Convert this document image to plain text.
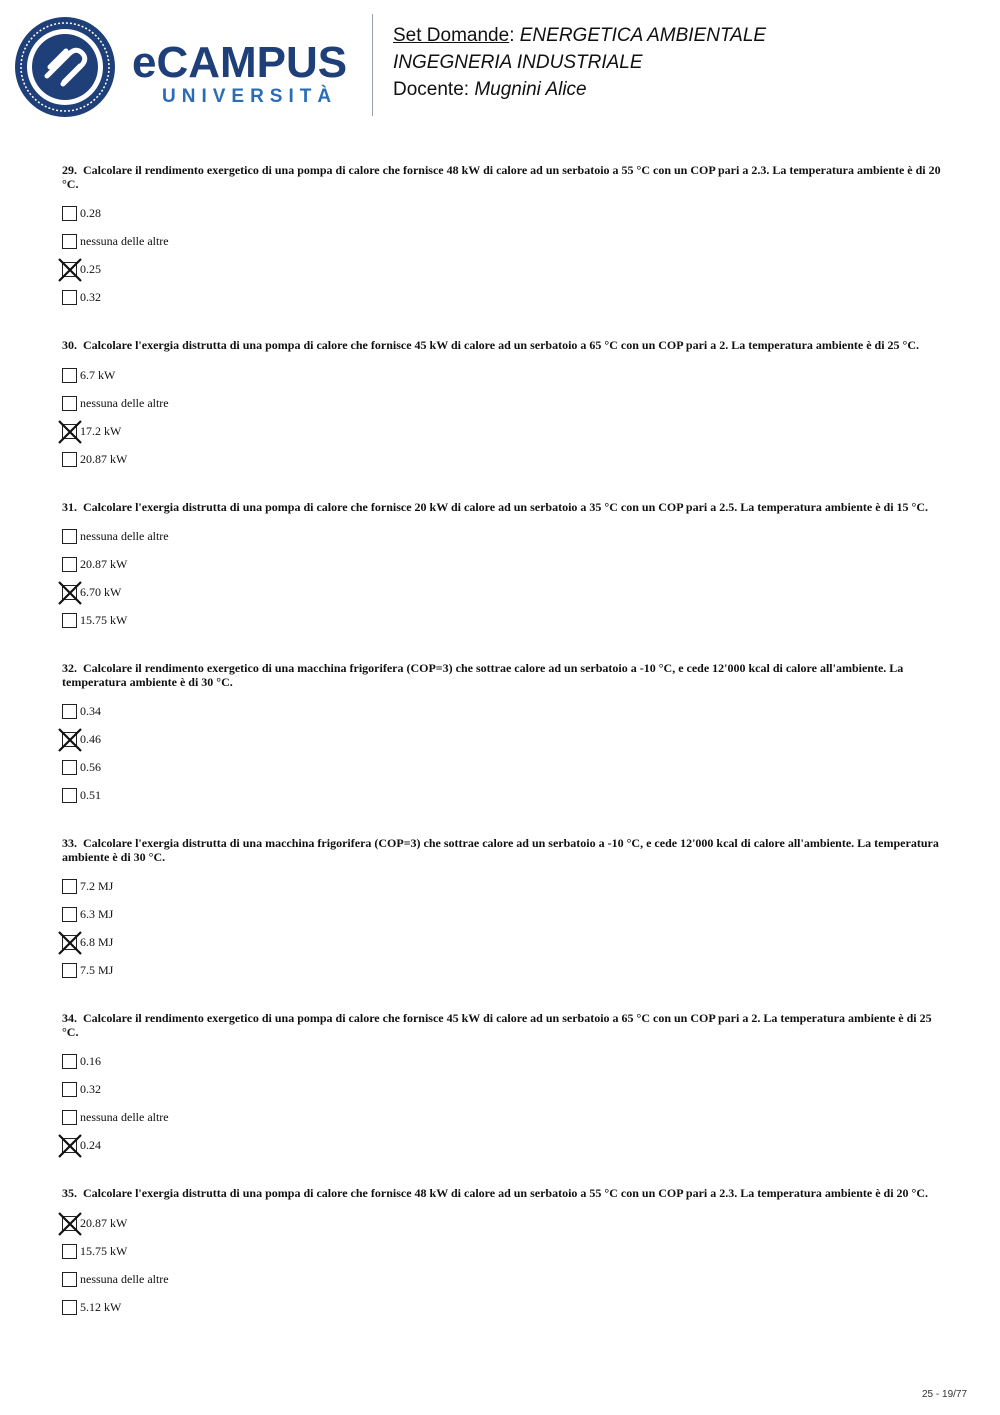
eCAMPUS
UNIVERSITÀ
Set Domande: ENERGETICA AMBIENTALE
INGEGNERIA INDUSTRIALE
Docente: Mugnini Alice
29. Calcolare il rendimento exergetico di una pompa di calore che fornisce 48 kW di calore ad un serbatoio a 55 °C con un COP pari a 2.3. La temperatura ambiente è di 20 °C.
0.28
nessuna delle altre
0.25
0.32
30. Calcolare l'exergia distrutta di una pompa di calore che fornisce 45 kW di calore ad un serbatoio a 65 °C con un COP pari a 2. La temperatura ambiente è di 25 °C.
6.7 kW
nessuna delle altre
17.2 kW
20.87 kW
31. Calcolare l'exergia distrutta di una pompa di calore che fornisce 20 kW di calore ad un serbatoio a 35 °C con un COP pari a 2.5. La temperatura ambiente è di 15 °C.
nessuna delle altre
20.87 kW
6.70 kW
15.75 kW
32. Calcolare il rendimento exergetico di una macchina frigorifera (COP=3) che sottrae calore ad un serbatoio a -10 °C, e cede 12'000 kcal di calore all'ambiente. La temperatura ambiente è di 30 °C.
0.34
0.46
0.56
0.51
33. Calcolare l'exergia distrutta di una macchina frigorifera (COP=3) che sottrae calore ad un serbatoio a -10 °C, e cede 12'000 kcal di calore all'ambiente. La temperatura ambiente è di 30 °C.
7.2 MJ
6.3 MJ
6.8 MJ
7.5 MJ
34. Calcolare il rendimento exergetico di una pompa di calore che fornisce 45 kW di calore ad un serbatoio a 65 °C con un COP pari a 2. La temperatura ambiente è di 25 °C.
0.16
0.32
nessuna delle altre
0.24
35. Calcolare l'exergia distrutta di una pompa di calore che fornisce 48 kW di calore ad un serbatoio a 55 °C con un COP pari a 2.3. La temperatura ambiente è di 20 °C.
20.87 kW
15.75 kW
nessuna delle altre
5.12 kW
25 - 19/77
